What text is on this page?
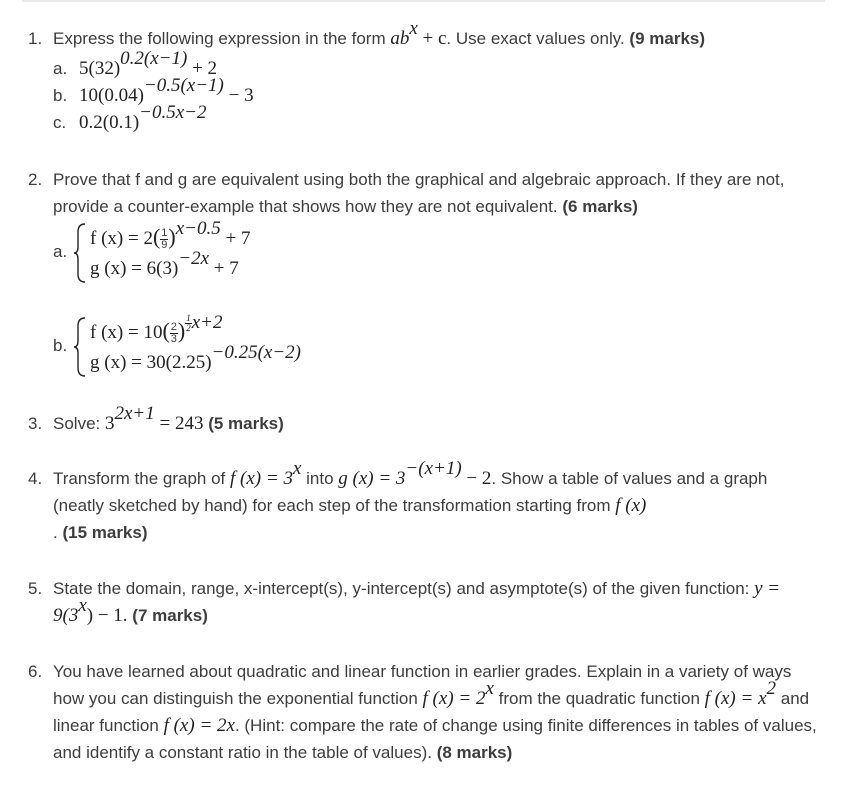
1. Express the following expression in the form $ab^x + c$. Use exact values only. (9 marks)
a. $5(32)^{0.2(x-1)} + 2$
b. $10(0.04)^{-0.5(x-1)} - 3$
c. $0.2(0.1)^{-0.5x-2}$
2. Prove that f and g are equivalent using both the graphical and algebraic approach. If they are not, provide a counter-example that shows how they are not equivalent. (6 marks)
a.
f $(x) = 2( \frac{1}{9} )^{x-0.5} + 7$
g $(x) = 6(3)^{-2x} + 7$
b.
f $(x) = 10( \frac{2}{3}$ ) $^{\frac{1}{2} x+2}$
g $(x) = 30(2.25)^{-0.25(x-2)}$
3. Solve: $3^{2x+1} = 243$ (5 marks)
4. Transform the graph of f $(x) = 3^x$ into g $(x) = 3^{-(x+1)} - 2$. Show a table of values and a graph (neatly sketched by hand) for each step of the transformation starting from f (x)
. (15 marks)
5. State the domain, range, x-intercept(s), y-intercept(s) and asymptote(s) of the given function: $y = 9(3^x) - 1$. (7 marks)
6. You have learned about quadratic and linear function in earlier grades. Explain in a variety of ways how you can distinguish the exponential function f $(x) = 2^x$ from the quadratic function f $(x) = x^2$ and linear function f (x) = 2x. (Hint: compare the rate of change using finite differences in tables of values, and identify a constant ratio in the table of values). (8 marks)
